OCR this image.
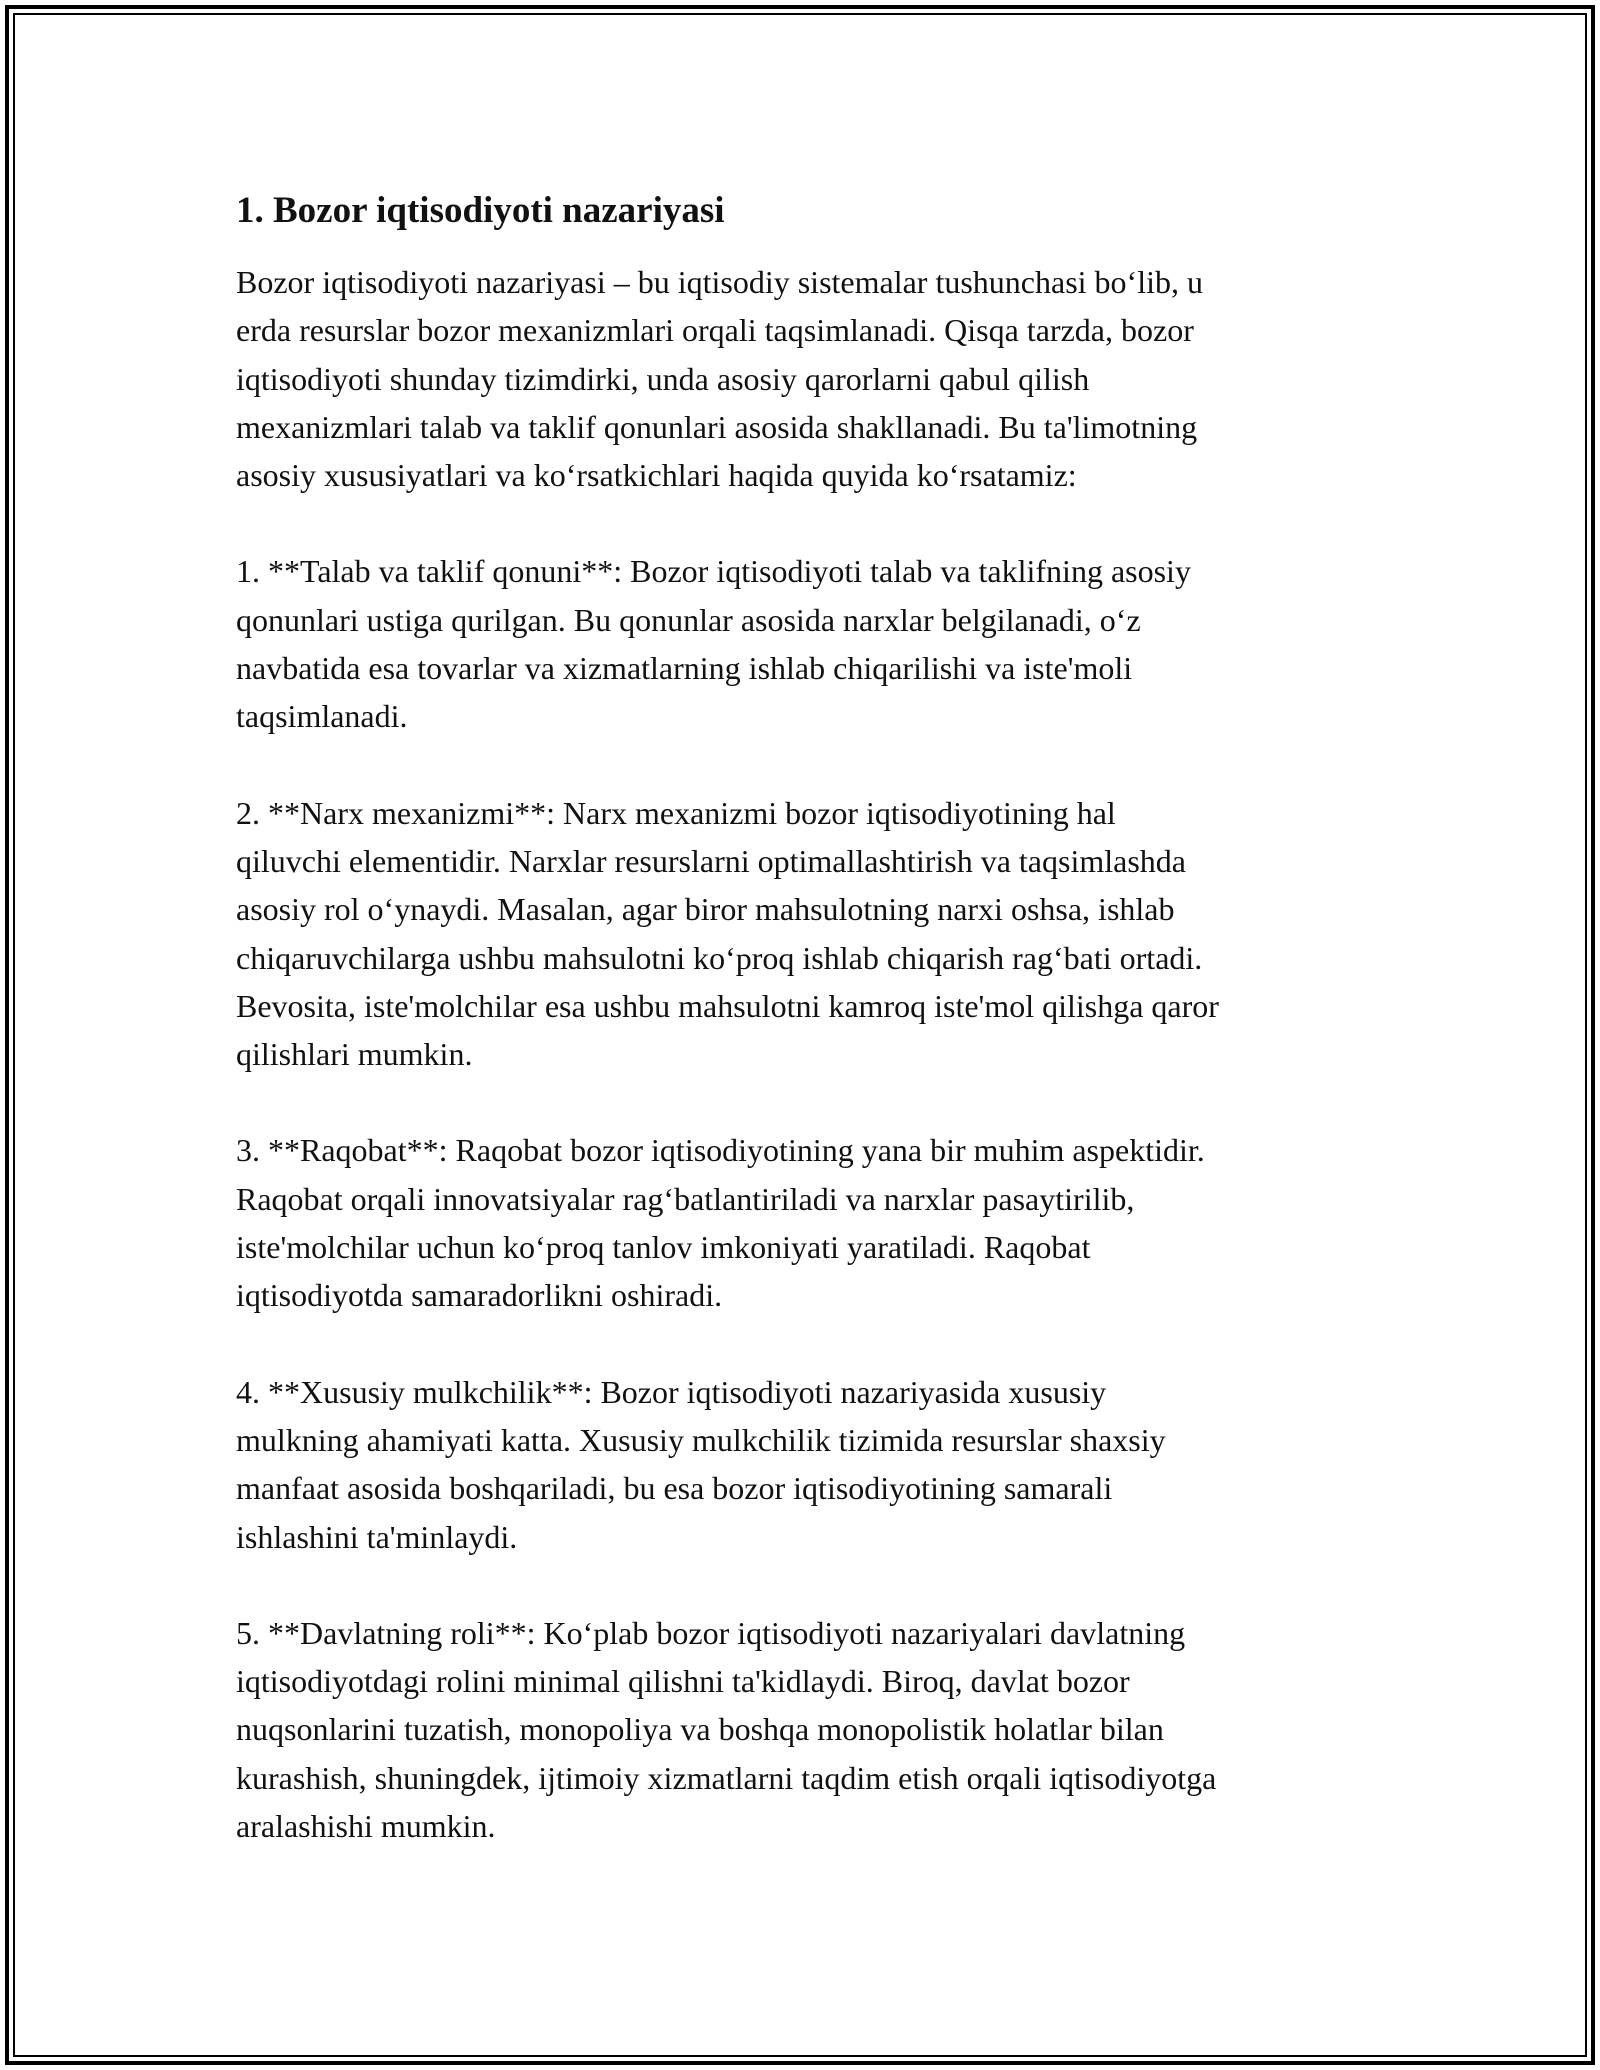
1. Bozor iqtisodiyoti nazariyasi

Bozor iqtisodiyoti nazariyasi – bu iqtisodiy sistemalar tushunchasi bo‘lib, u
erda resurslar bozor mexanizmlari orqali taqsimlanadi. Qisqa tarzda, bozor
iqtisodiyoti shunday tizimdirki, unda asosiy qarorlarni qabul qilish
mexanizmlari talab va taklif qonunlari asosida shakllanadi. Bu ta'limotning
asosiy xususiyatlari va ko‘rsatkichlari haqida quyida ko‘rsatamiz:

1. **Talab va taklif qonuni**: Bozor iqtisodiyoti talab va taklifning asosiy
qonunlari ustiga qurilgan. Bu qonunlar asosida narxlar belgilanadi, o‘z
navbatida esa tovarlar va xizmatlarning ishlab chiqarilishi va iste'moli
taqsimlanadi.

2. **Narx mexanizmi**: Narx mexanizmi bozor iqtisodiyotining hal
qiluvchi elementidir. Narxlar resurslarni optimallashtirish va taqsimlashda
asosiy rol o‘ynaydi. Masalan, agar biror mahsulotning narxi oshsa, ishlab
chiqaruvchilarga ushbu mahsulotni ko‘proq ishlab chiqarish rag‘bati ortadi.
Bevosita, iste'molchilar esa ushbu mahsulotni kamroq iste'mol qilishga qaror
qilishlari mumkin.

3. **Raqobat**: Raqobat bozor iqtisodiyotining yana bir muhim aspektidir.
Raqobat orqali innovatsiyalar rag‘batlantiriladi va narxlar pasaytirilib,
iste'molchilar uchun ko‘proq tanlov imkoniyati yaratiladi. Raqobat
iqtisodiyotda samaradorlikni oshiradi.

4. **Xususiy mulkchilik**: Bozor iqtisodiyoti nazariyasida xususiy
mulkning ahamiyati katta. Xususiy mulkchilik tizimida resurslar shaxsiy
manfaat asosida boshqariladi, bu esa bozor iqtisodiyotining samarali
ishlashini ta'minlaydi.

5. **Davlatning roli**: Ko‘plab bozor iqtisodiyoti nazariyalari davlatning
iqtisodiyotdagi rolini minimal qilishni ta'kidlaydi. Biroq, davlat bozor
nuqsonlarini tuzatish, monopoliya va boshqa monopolistik holatlar bilan
kurashish, shuningdek, ijtimoiy xizmatlarni taqdim etish orqali iqtisodiyotga
aralashishi mumkin.
